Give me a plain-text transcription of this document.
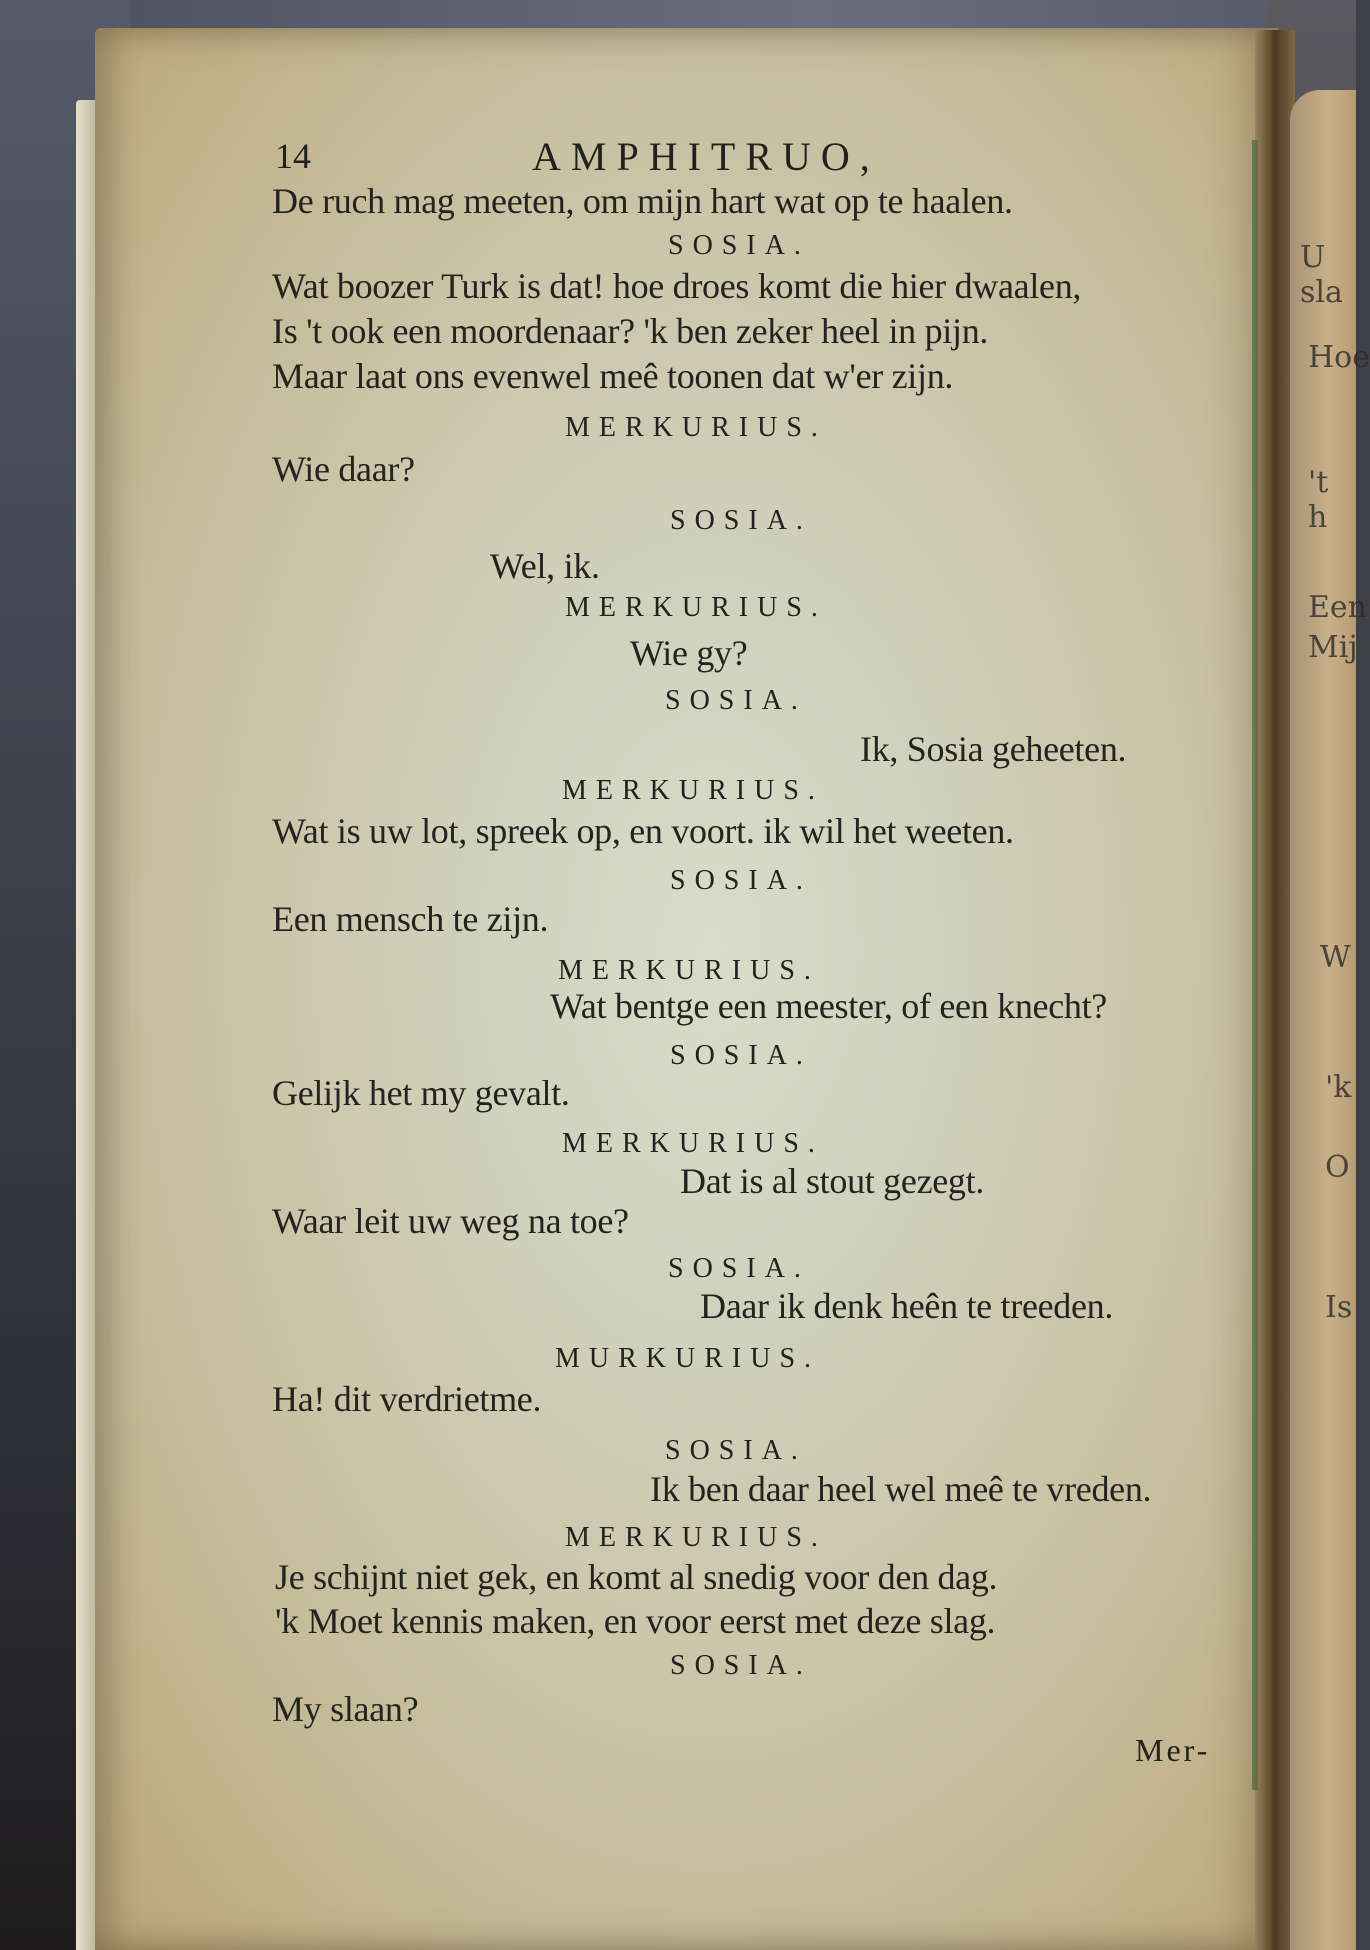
U sla
Hoe
't h
Een
Mij
W
'k
O
Is
14	AMPHITRUO,
De ruch mag meeten, om mijn hart wat op te haalen.
SOSIA.
Wat boozer Turk is dat! hoe droes komt die hier dwaalen,
Is 't ook een moordenaar? 'k ben zeker heel in pijn.
Maar laat ons evenwel meê toonen dat w'er zijn.
MERKURIUS.
Wie daar?
SOSIA.
Wel, ik.
MERKURIUS.
Wie gy?
SOSIA.
Ik, Sosia geheeten.
MERKURIUS.
Wat is uw lot, spreek op, en voort. ik wil het weeten.
SOSIA.
Een mensch te zijn.
MERKURIUS.
Wat bentge een meester, of een knecht?
SOSIA.
Gelijk het my gevalt.
MERKURIUS.
Dat is al stout gezegt.
Waar leit uw weg na toe?
SOSIA.
Daar ik denk heên te treeden.
MURKURIUS.
Ha! dit verdrietme.
SOSIA.
Ik ben daar heel wel meê te vreden.
MERKURIUS.
Je schijnt niet gek, en komt al snedig voor den dag.
'k Moet kennis maken, en voor eerst met deze slag.
SOSIA.
My slaan?
Mer-
